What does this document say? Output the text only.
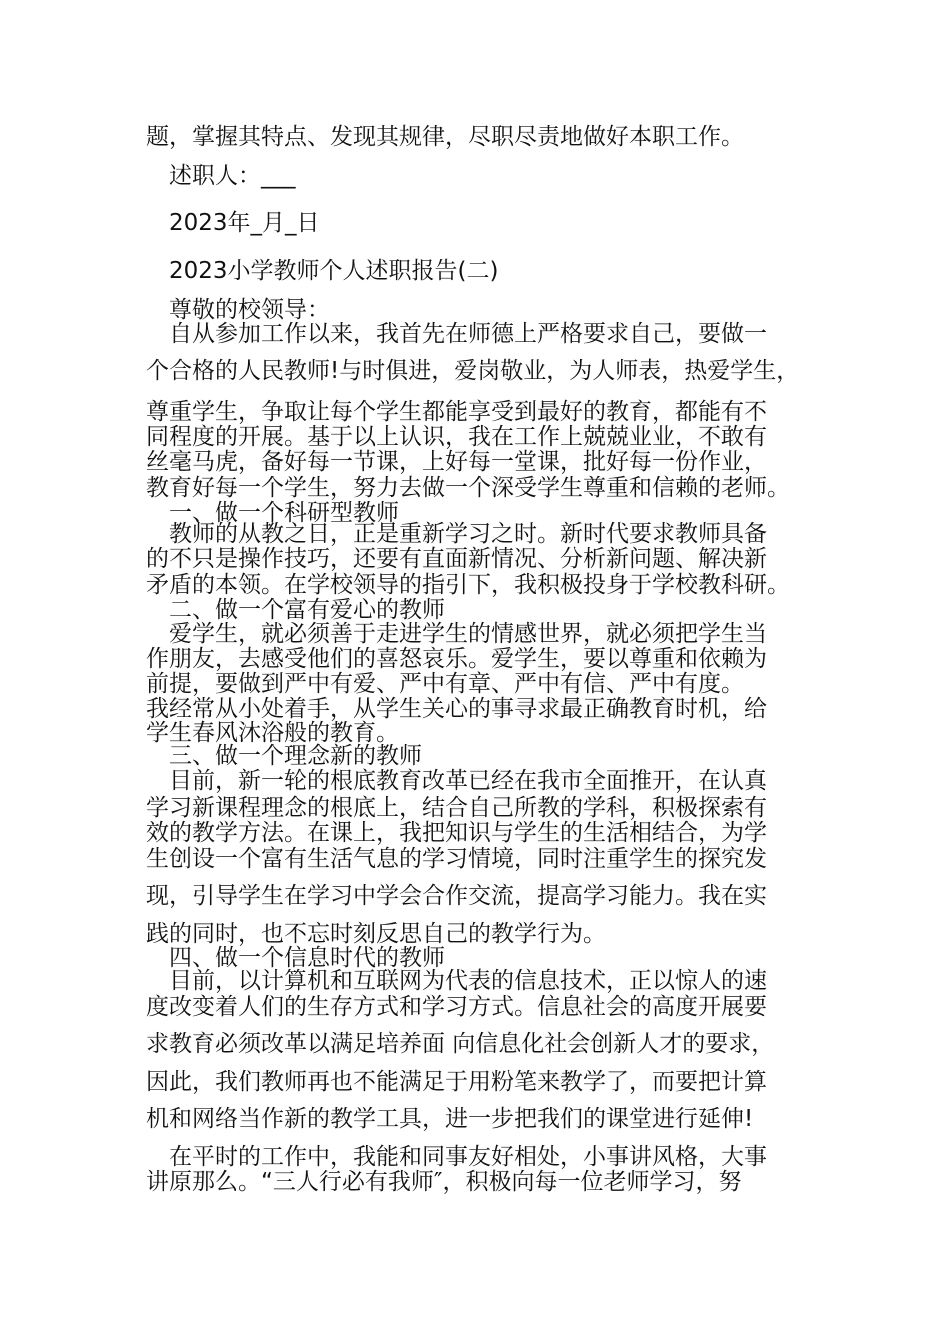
题，掌握其特点、发现其规律，尽职尽责地做好本职工作。
述职人：___
2023年_月_日
2023小学教师个人述职报告(二)
尊敬的校领导：
自从参加工作以来，我首先在师德上严格要求自己，要做一
个合格的人民教师!与时俱进，爱岗敬业，为人师表，热爱学生，
尊重学生，争取让每个学生都能享受到最好的教育，都能有不
同程度的开展。基于以上认识，我在工作上兢兢业业，不敢有
丝毫马虎，备好每一节课，上好每一堂课，批好每一份作业，
教育好每一个学生，努力去做一个深受学生尊重和信赖的老师。
一、做一个科研型教师
教师的从教之日，正是重新学习之时。新时代要求教师具备
的不只是操作技巧，还要有直面新情况、分析新问题、解决新
矛盾的本领。在学校领导的指引下，我积极投身于学校教科研。
二、做一个富有爱心的教师
爱学生，就必须善于走进学生的情感世界，就必须把学生当
作朋友，去感受他们的喜怒哀乐。爱学生，要以尊重和依赖为
前提，要做到严中有爱、严中有章、严中有信、严中有度。
我经常从小处着手，从学生关心的事寻求最正确教育时机，给
学生春风沐浴般的教育。
三、做一个理念新的教师
目前，新一轮的根底教育改革已经在我市全面推开，在认真
学习新课程理念的根底上，结合自己所教的学科，积极探索有
效的教学方法。在课上，我把知识与学生的生活相结合，为学
生创设一个富有生活气息的学习情境，同时注重学生的探究发
现，引导学生在学习中学会合作交流，提高学习能力。我在实
践的同时，也不忘时刻反思自己的教学行为。
四、做一个信息时代的教师
目前，以计算机和互联网为代表的信息技术，正以惊人的速
度改变着人们的生存方式和学习方式。信息社会的高度开展要
求教育必须改革以满足培养面 向信息化社会创新人才的要求，
因此，我们教师再也不能满足于用粉笔来教学了，而要把计算
机和网络当作新的教学工具，进一步把我们的课堂进行延伸!
在平时的工作中，我能和同事友好相处，小事讲风格，大事
讲原那么。“三人行必有我师″，积极向每一位老师学习，努
